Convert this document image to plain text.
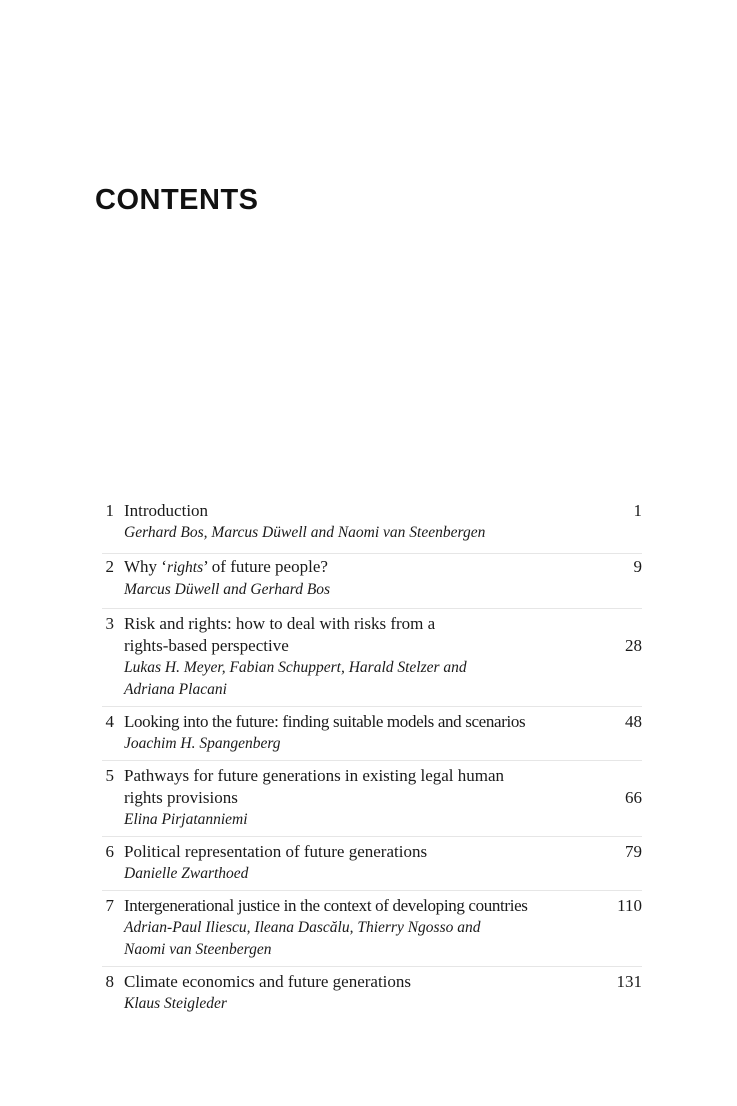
CONTENTS
1 Introduction
Gerhard Bos, Marcus Düwell and Naomi van Steenbergen
1
2 Why ‘rights’ of future people?
Marcus Düwell and Gerhard Bos
9
3 Risk and rights: how to deal with risks from a
rights-based perspective
Lukas H. Meyer, Fabian Schuppert, Harald Stelzer and
Adriana Placani
28
4 Looking into the future: finding suitable models and scenarios
Joachim H. Spangenberg
48
5 Pathways for future generations in existing legal human
rights provisions
Elina Pirjatanniemi
66
6 Political representation of future generations
Danielle Zwarthoed
79
7 Intergenerational justice in the context of developing countries
Adrian-Paul Iliescu, Ileana Dascălu, Thierry Ngosso and
Naomi van Steenbergen
110
8 Climate economics and future generations
Klaus Steigleder
131
